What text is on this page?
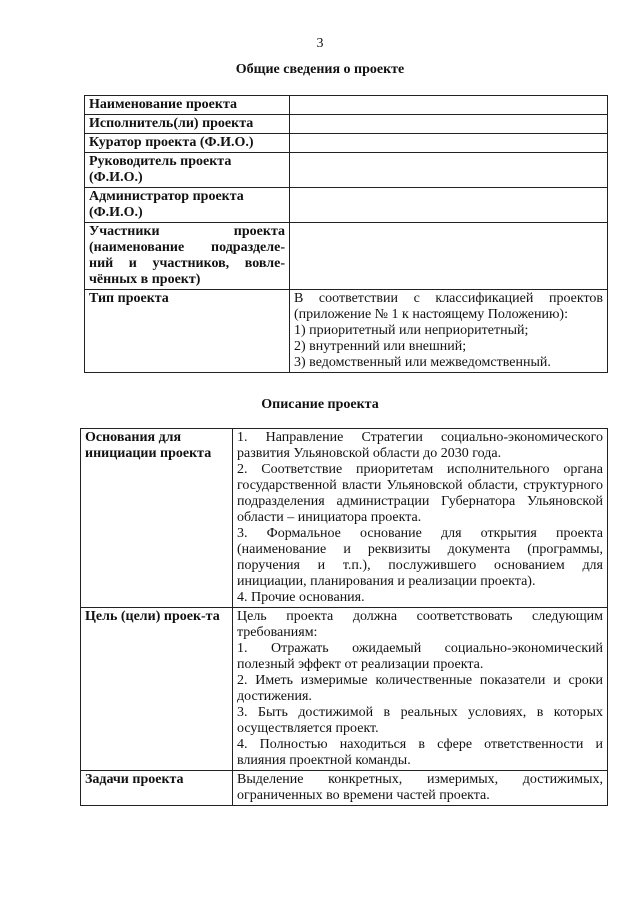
3
Общие сведения о проекте
Наименование проекта	
Исполнитель(ли) проекта	
Куратор проекта (Ф.И.О.)	
Руководитель проекта (Ф.И.О.)	
Администратор проекта (Ф.И.О.)	
Участники проекта (наименование подразделе-ний и участников, вовле-чённых в проект)	
Тип проекта	В соответствии с классификацией проектов (приложение № 1 к настоящему Положению):
1) приоритетный или неприоритетный;
2) внутренний или внешний;
3) ведомственный или межведомственный.
Описание проекта
Основания для инициации проекта	1. Направление Стратегии социально-экономического развития Ульяновской области до 2030 года.
2. Соответствие приоритетам исполнительного органа государственной власти Ульяновской области, структурного подразделения администрации Губернатора Ульяновской области – инициатора проекта.
3. Формальное основание для открытия проекта (наименование и реквизиты документа (программы, поручения и т.п.), послужившего основанием для инициации, планирования и реализации проекта).
4. Прочие основания.

Цель (цели) проек-та	Цель проекта должна соответствовать следующим требованиям:
1. Отражать ожидаемый социально-экономический полезный эффект от реализации проекта.
2. Иметь измеримые количественные показатели и сроки достижения.
3. Быть достижимой в реальных условиях, в которых осуществляется проект.
4. Полностью находиться в сфере ответственности и влияния проектной команды.

Задачи проекта	Выделение конкретных, измеримых, достижимых, ограниченных во времени частей проекта.
